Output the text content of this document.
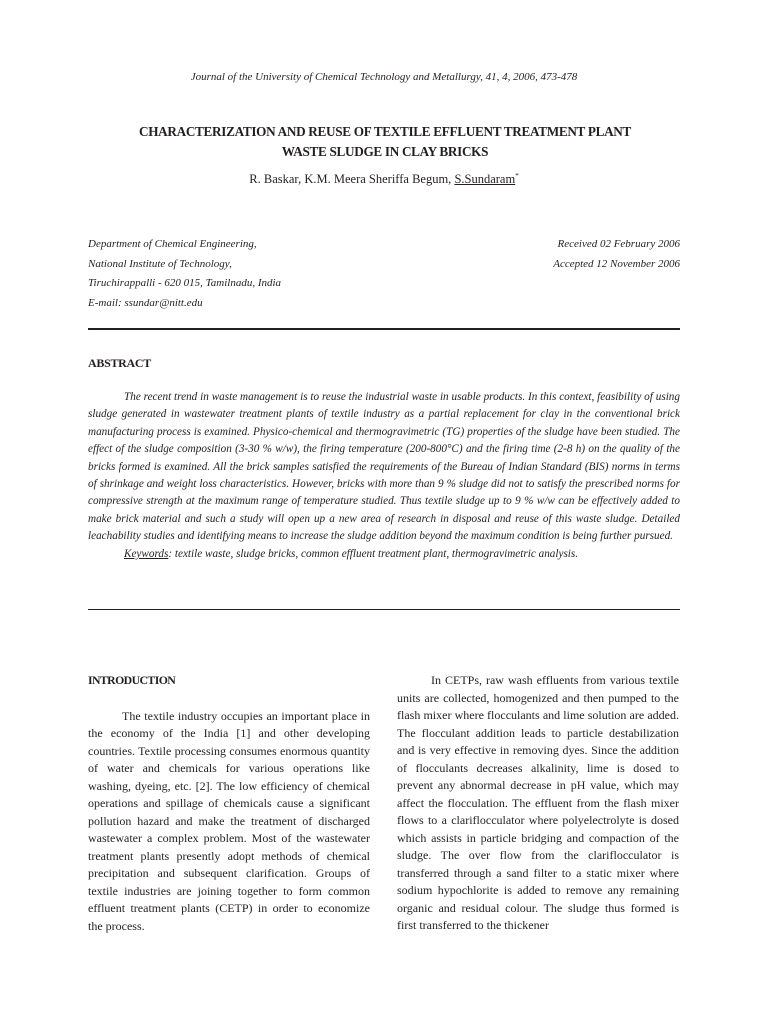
Journal of the University of Chemical Technology and Metallurgy, 41, 4, 2006, 473-478
CHARACTERIZATION AND REUSE OF TEXTILE EFFLUENT TREATMENT PLANT
WASTE SLUDGE IN CLAY BRICKS
R. Baskar, K.M. Meera Sheriffa Begum, S.Sundaram*
Department of Chemical Engineering,
National Institute of Technology,
Tiruchirappalli - 620 015, Tamilnadu, India
E-mail: ssundar@nitt.edu
Received 02 February 2006
Accepted 12 November 2006
ABSTRACT

The recent trend in waste management is to reuse the industrial waste in usable products. In this context, feasibility of using sludge generated in wastewater treatment plants of textile industry as a partial replacement for clay in the conventional brick manufacturing process is examined. Physico-chemical and thermogravimetric (TG) properties of the sludge have been studied. The effect of the sludge composition (3-30 % w/w), the firing temperature (200-800°C) and the firing time (2-8 h) on the quality of the bricks formed is examined. All the brick samples satisfied the requirements of the Bureau of Indian Standard (BIS) norms in terms of shrinkage and weight loss characteristics. However, bricks with more than 9 % sludge did not to satisfy the prescribed norms for compressive strength at the maximum range of temperature studied. Thus textile sludge up to 9 % w/w can be effectively added to make brick material and such a study will open up a new area of research in disposal and reuse of this waste sludge. Detailed leachability studies and identifying means to increase the sludge addition beyond the maximum condition is being further pursued.

Keywords: textile waste, sludge bricks, common effluent treatment plant, thermogravimetric analysis.
INTRODUCTION

The textile industry occupies an important place in the economy of the India [1] and other developing countries. Textile processing consumes enormous quantity of water and chemicals for various operations like washing, dyeing, etc. [2]. The low efficiency of chemical operations and spillage of chemicals cause a significant pollution hazard and make the treatment of discharged wastewater a complex problem. Most of the wastewater treatment plants presently adopt methods of chemical precipitation and subsequent clarification. Groups of textile industries are joining together to form common effluent treatment plants (CETP) in order to economize the process.

In CETPs, raw wash effluents from various textile units are collected, homogenized and then pumped to the flash mixer where flocculants and lime solution are added. The flocculant addition leads to particle destabilization and is very effective in removing dyes. Since the addition of flocculants decreases alkalinity, lime is dosed to prevent any abnormal decrease in pH value, which may affect the flocculation. The effluent from the flash mixer flows to a clariflocculator where polyelectrolyte is dosed which assists in particle bridging and compaction of the sludge. The over flow from the clariflocculator is transferred through a sand filter to a static mixer where sodium hypochlorite is added to remove any remaining organic and residual colour. The sludge thus formed is first transferred to the thickener
